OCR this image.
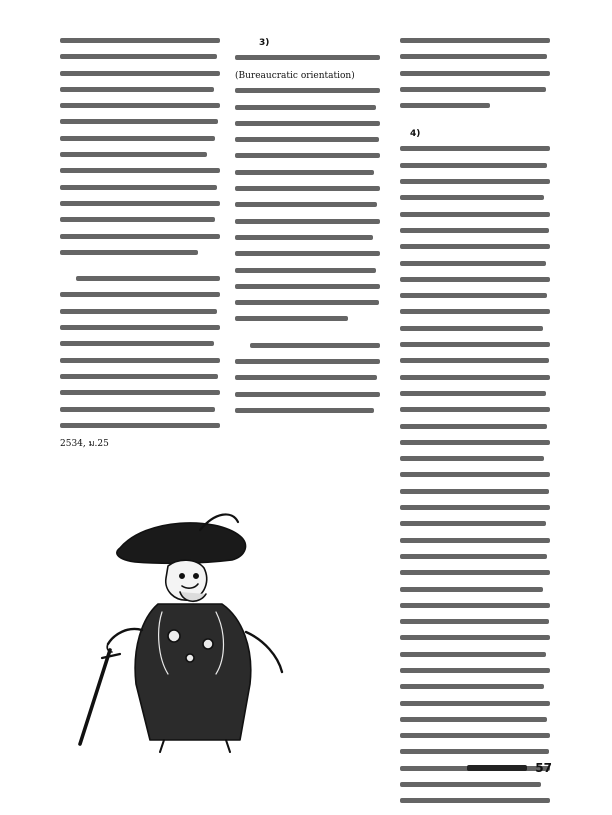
2534, ม.25
3)
(Bureaucratic orientation)
4)
57
